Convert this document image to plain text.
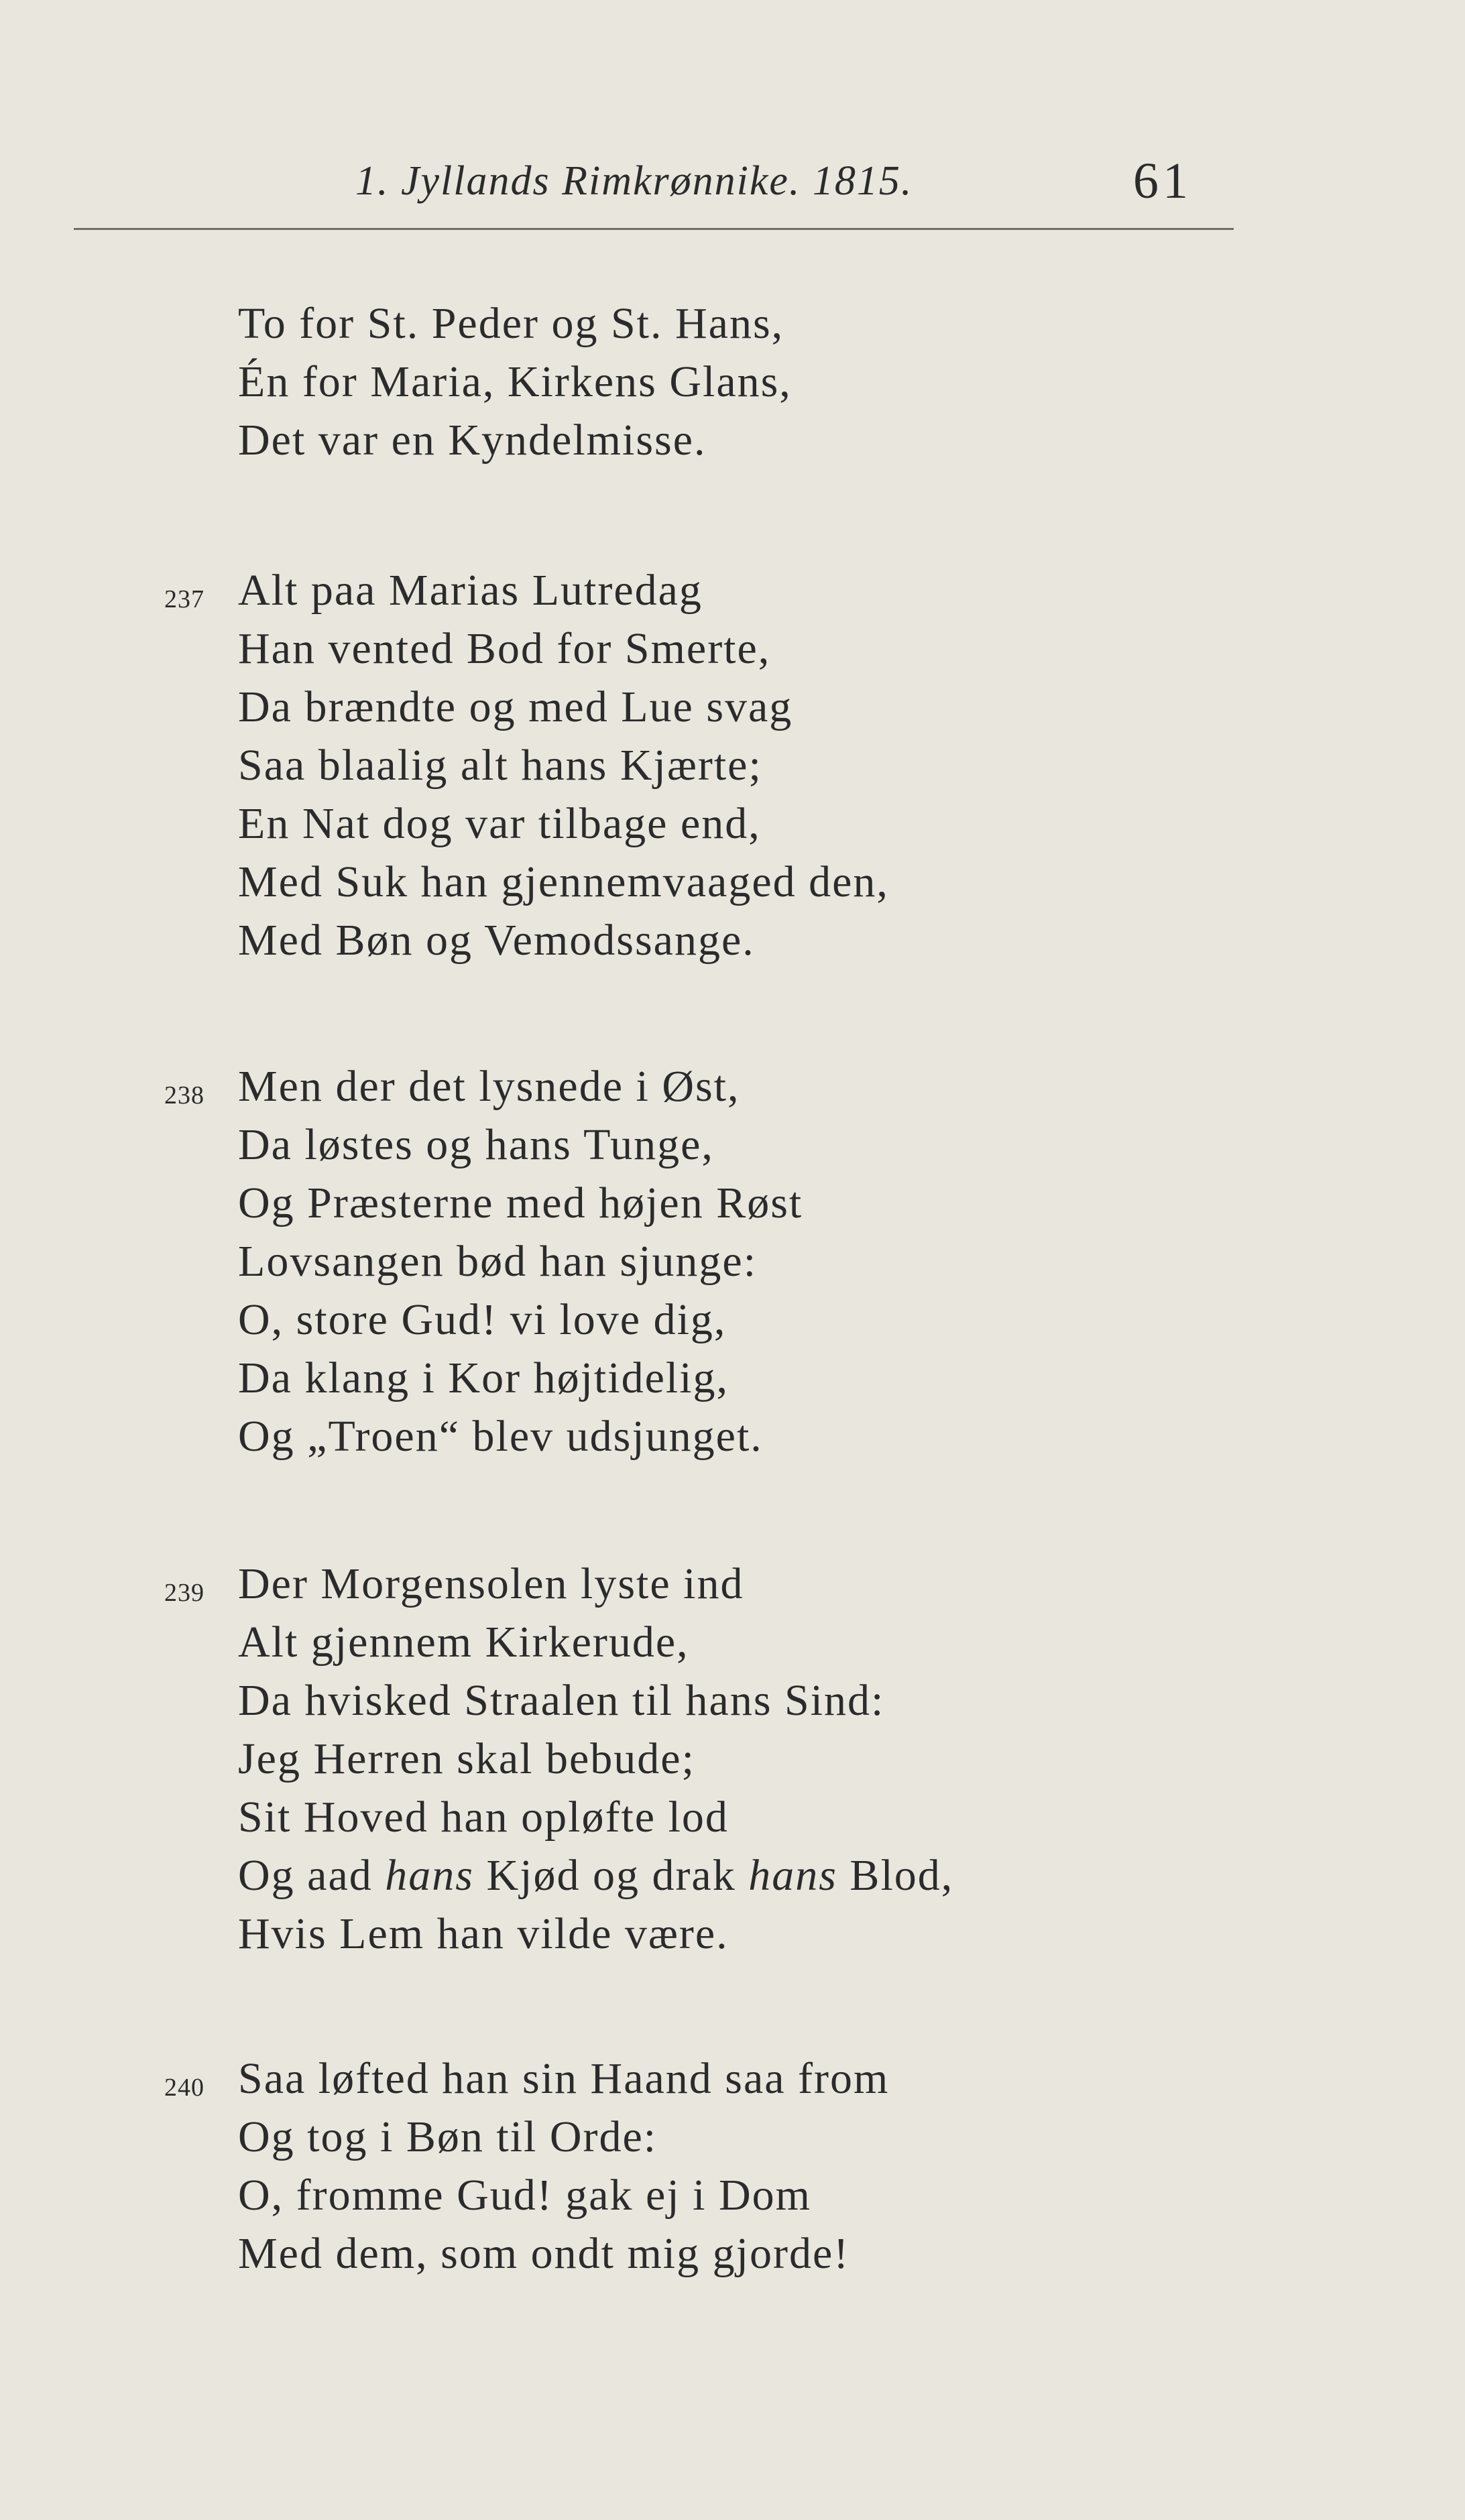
1. Jyllands Rimkrønnike. 1815.	61
To for St. Peder og St. Hans,
Én for Maria, Kirkens Glans,
Det var en Kyndelmisse.
237 Alt paa Marias Lutredag
Han vented Bod for Smerte,
Da brændte og med Lue svag
Saa blaalig alt hans Kjærte;
En Nat dog var tilbage end,
Med Suk han gjennemvaaged den,
Med Bøn og Vemodssange.
238 Men der det lysnede i Øst,
Da løstes og hans Tunge,
Og Præsterne med højen Røst
Lovsangen bød han sjunge:
O, store Gud! vi love dig,
Da klang i Kor højtidelig,
Og „Troen“ blev udsjunget.
239 Der Morgensolen lyste ind
Alt gjennem Kirkerude,
Da hvisked Straalen til hans Sind:
Jeg Herren skal bebude;
Sit Hoved han opløfte lod
Og aad hans Kjød og drak hans Blod,
Hvis Lem han vilde være.
240 Saa løfted han sin Haand saa from
Og tog i Bøn til Orde:
O, fromme Gud! gak ej i Dom
Med dem, som ondt mig gjorde!
